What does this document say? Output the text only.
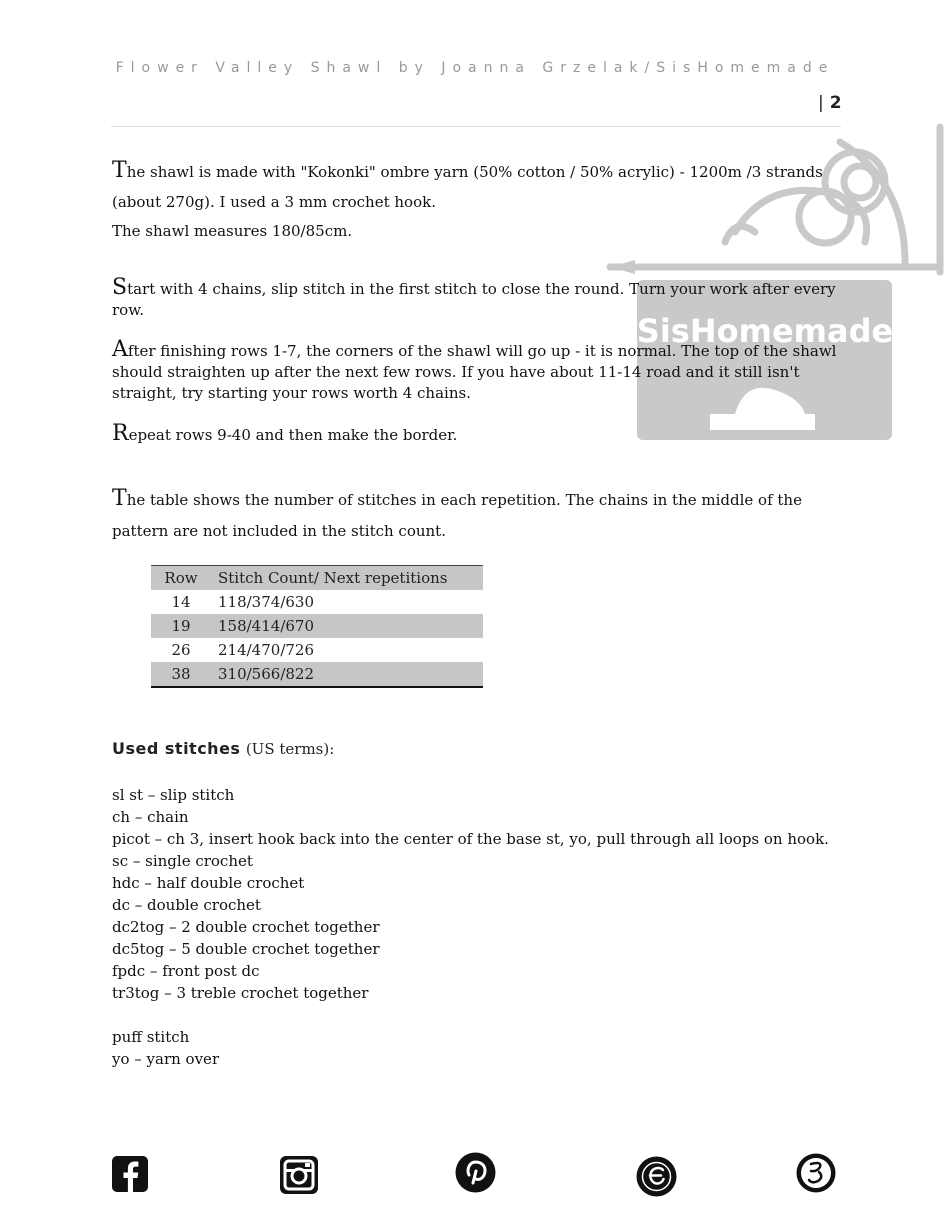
Flower Valley Shawl by Joanna Grzelak/SisHomemade
| 2
SisHomemade
The shawl is made with "Kokonki" ombre yarn (50% cotton / 50% acrylic) - 1200m /3 strands (about 270g). I used a 3 mm crochet hook.
The shawl measures 180/85cm.
Start with 4 chains, slip stitch in the first stitch to close the round. Turn your work after every row.
After finishing rows 1-7, the corners of the shawl will go up - it is normal. The top of the shawl should straighten up after the next few rows. If you have about 11-14 road and it still isn't straight, try starting your rows worth 4 chains.
Repeat rows 9-40 and then make the border.
The table shows the number of stitches in each repetition. The chains in the middle of the pattern are not included in the stitch count.
Row	Stitch Count/ Next repetitions
14	118/374/630
19	158/414/670
26	214/470/726
38	310/566/822
Used stitches (US terms):
sl st – slip stitch
ch – chain
picot – ch 3, insert hook back into the center of the base st, yo, pull through all loops on hook.
sc – single crochet
hdc – half double crochet
dc – double crochet
dc2tog – 2 double crochet together
dc5tog – 5 double crochet together
fpdc – front post dc
tr3tog – 3 treble crochet together
puff stitch
yo – yarn over
